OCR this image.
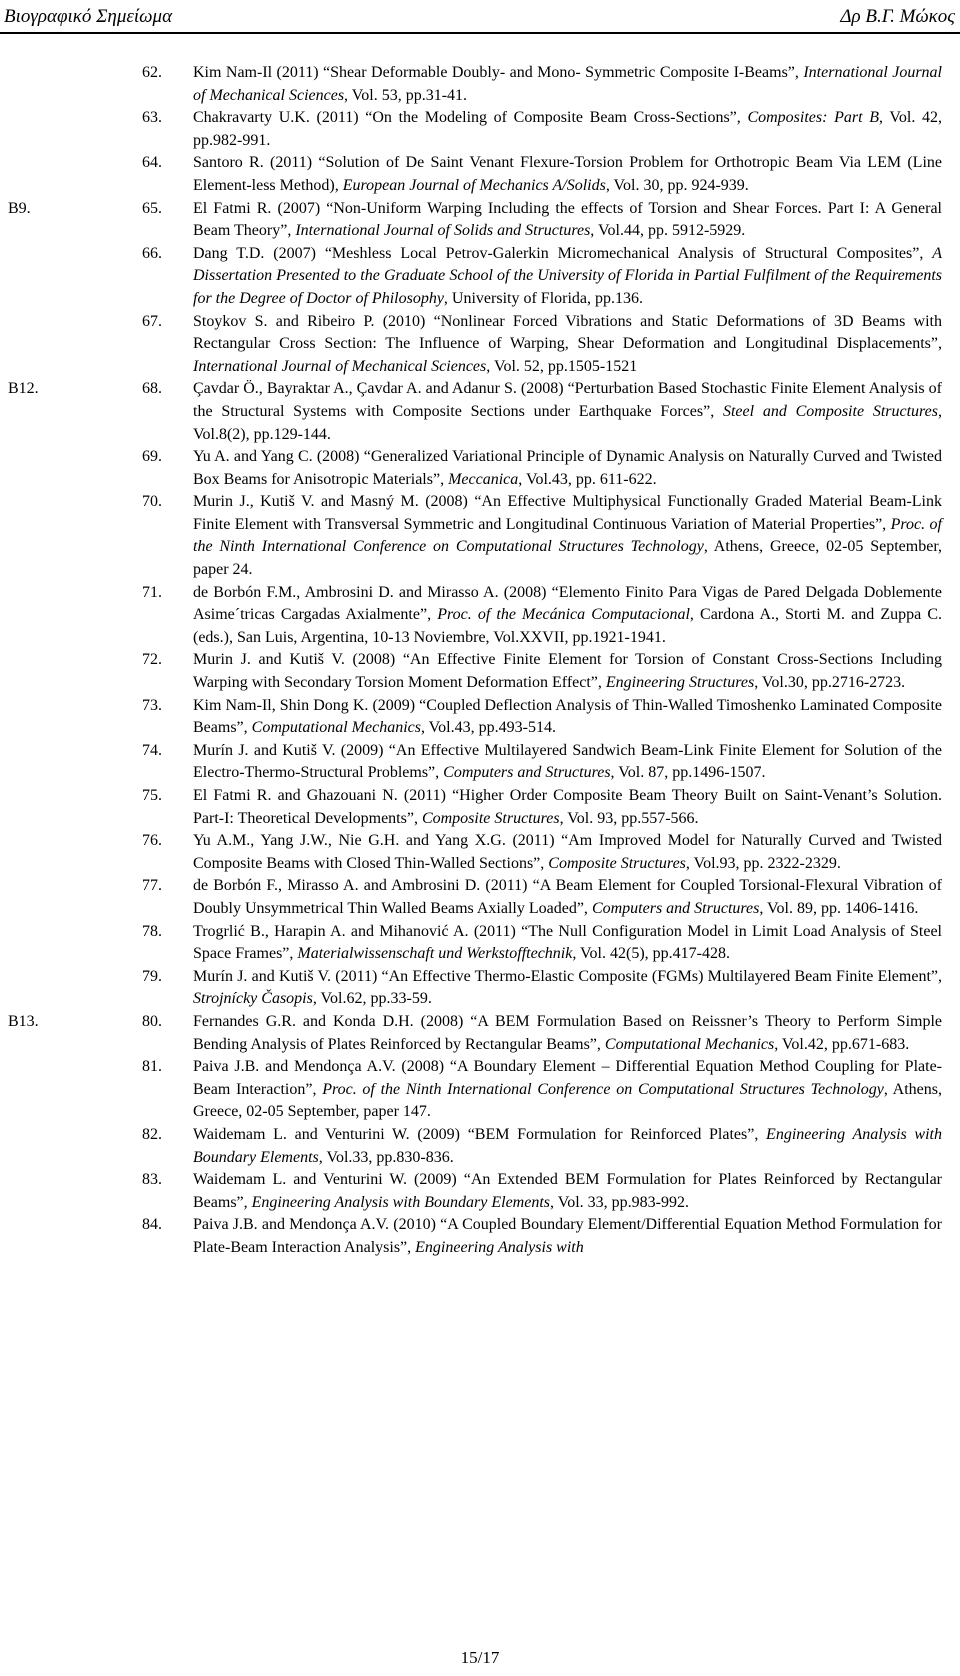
Βιογραφικό Σημείωμα	Δρ Β.Γ. Μώκος
62. Kim Nam-Il (2011) “Shear Deformable Doubly- and Mono- Symmetric Composite I-Beams”, International Journal of Mechanical Sciences, Vol. 53, pp.31-41.
63. Chakravarty U.K. (2011) “On the Modeling of Composite Beam Cross-Sections”, Composites: Part B, Vol. 42, pp.982-991.
64. Santoro R. (2011) “Solution of De Saint Venant Flexure-Torsion Problem for Orthotropic Beam Via LEM (Line Element-less Method), European Journal of Mechanics A/Solids, Vol. 30, pp. 924-939.
B9.	65. El Fatmi R. (2007) “Non-Uniform Warping Including the effects of Torsion and Shear Forces. Part I: A General Beam Theory”, International Journal of Solids and Structures, Vol.44, pp. 5912-5929.
66. Dang T.D. (2007) “Meshless Local Petrov-Galerkin Micromechanical Analysis of Structural Composites”, A Dissertation Presented to the Graduate School of the University of Florida in Partial Fulfilment of the Requirements for the Degree of Doctor of Philosophy, University of Florida, pp.136.
67. Stoykov S. and Ribeiro P. (2010) “Nonlinear Forced Vibrations and Static Deformations of 3D Beams with Rectangular Cross Section: The Influence of Warping, Shear Deformation and Longitudinal Displacements”, International Journal of Mechanical Sciences, Vol. 52, pp.1505-1521
B12.	68. Çavdar Ö., Bayraktar A., Çavdar A. and Adanur S. (2008) “Perturbation Based Stochastic Finite Element Analysis of the Structural Systems with Composite Sections under Earthquake Forces”, Steel and Composite Structures, Vol.8(2), pp.129-144.
69. Yu A. and Yang C. (2008) “Generalized Variational Principle of Dynamic Analysis on Naturally Curved and Twisted Box Beams for Anisotropic Materials”, Meccanica, Vol.43, pp. 611-622.
70. Murin J., Kutiš V. and Masný M. (2008) “An Effective Multiphysical Functionally Graded Material Beam-Link Finite Element with Transversal Symmetric and Longitudinal Continuous Variation of Material Properties”, Proc. of the Ninth International Conference on Computational Structures Technology, Athens, Greece, 02-05 September, paper 24.
71. de Borbón F.M., Ambrosini D. and Mirasso A. (2008) “Elemento Finito Para Vigas de Pared Delgada Doblemente Asime´tricas Cargadas Axialmente”, Proc. of the Mecánica Computacional, Cardona A., Storti M. and Zuppa C. (eds.), San Luis, Argentina, 10-13 Noviembre, Vol.XXVII, pp.1921-1941.
72. Murin J. and Kutiš V. (2008) “An Effective Finite Element for Torsion of Constant Cross-Sections Including Warping with Secondary Torsion Moment Deformation Effect”, Engineering Structures, Vol.30, pp.2716-2723.
73. Kim Nam-Il, Shin Dong K. (2009) “Coupled Deflection Analysis of Thin-Walled Timoshenko Laminated Composite Beams”, Computational Mechanics, Vol.43, pp.493-514.
74. Murín J. and Kutiš V. (2009) “An Effective Multilayered Sandwich Beam-Link Finite Element for Solution of the Electro-Thermo-Structural Problems”, Computers and Structures, Vol. 87, pp.1496-1507.
75. El Fatmi R. and Ghazouani N. (2011) “Higher Order Composite Beam Theory Built on Saint-Venant’s Solution. Part-I: Theoretical Developments”, Composite Structures, Vol. 93, pp.557-566.
76. Yu A.M., Yang J.W., Nie G.H. and Yang X.G. (2011) “Am Improved Model for Naturally Curved and Twisted Composite Beams with Closed Thin-Walled Sections”, Composite Structures, Vol.93, pp. 2322-2329.
77. de Borbón F., Mirasso A. and Ambrosini D. (2011) “A Beam Element for Coupled Torsional-Flexural Vibration of Doubly Unsymmetrical Thin Walled Beams Axially Loaded”, Computers and Structures, Vol. 89, pp. 1406-1416.
78. Trogrlić B., Harapin A. and Mihanović A. (2011) “The Null Configuration Model in Limit Load Analysis of Steel Space Frames”, Materialwissenschaft und Werkstofftechnik, Vol. 42(5), pp.417-428.
79. Murín J. and Kutiš V. (2011) “An Effective Thermo-Elastic Composite (FGMs) Multilayered Beam Finite Element”, Strojnícky Časopis, Vol.62, pp.33-59.
B13.	80. Fernandes G.R. and Konda D.H. (2008) “A BEM Formulation Based on Reissner’s Theory to Perform Simple Bending Analysis of Plates Reinforced by Rectangular Beams”, Computational Mechanics, Vol.42, pp.671-683.
81. Paiva J.B. and Mendonça A.V. (2008) “A Boundary Element – Differential Equation Method Coupling for Plate-Beam Interaction”, Proc. of the Ninth International Conference on Computational Structures Technology, Athens, Greece, 02-05 September, paper 147.
82. Waidemam L. and Venturini W. (2009) “BEM Formulation for Reinforced Plates”, Engineering Analysis with Boundary Elements, Vol.33, pp.830-836.
83. Waidemam L. and Venturini W. (2009) “An Extended BEM Formulation for Plates Reinforced by Rectangular Beams”, Engineering Analysis with Boundary Elements, Vol. 33, pp.983-992.
84. Paiva J.B. and Mendonça A.V. (2010) “A Coupled Boundary Element/Differential Equation Method Formulation for Plate-Beam Interaction Analysis”, Engineering Analysis with
15/17
